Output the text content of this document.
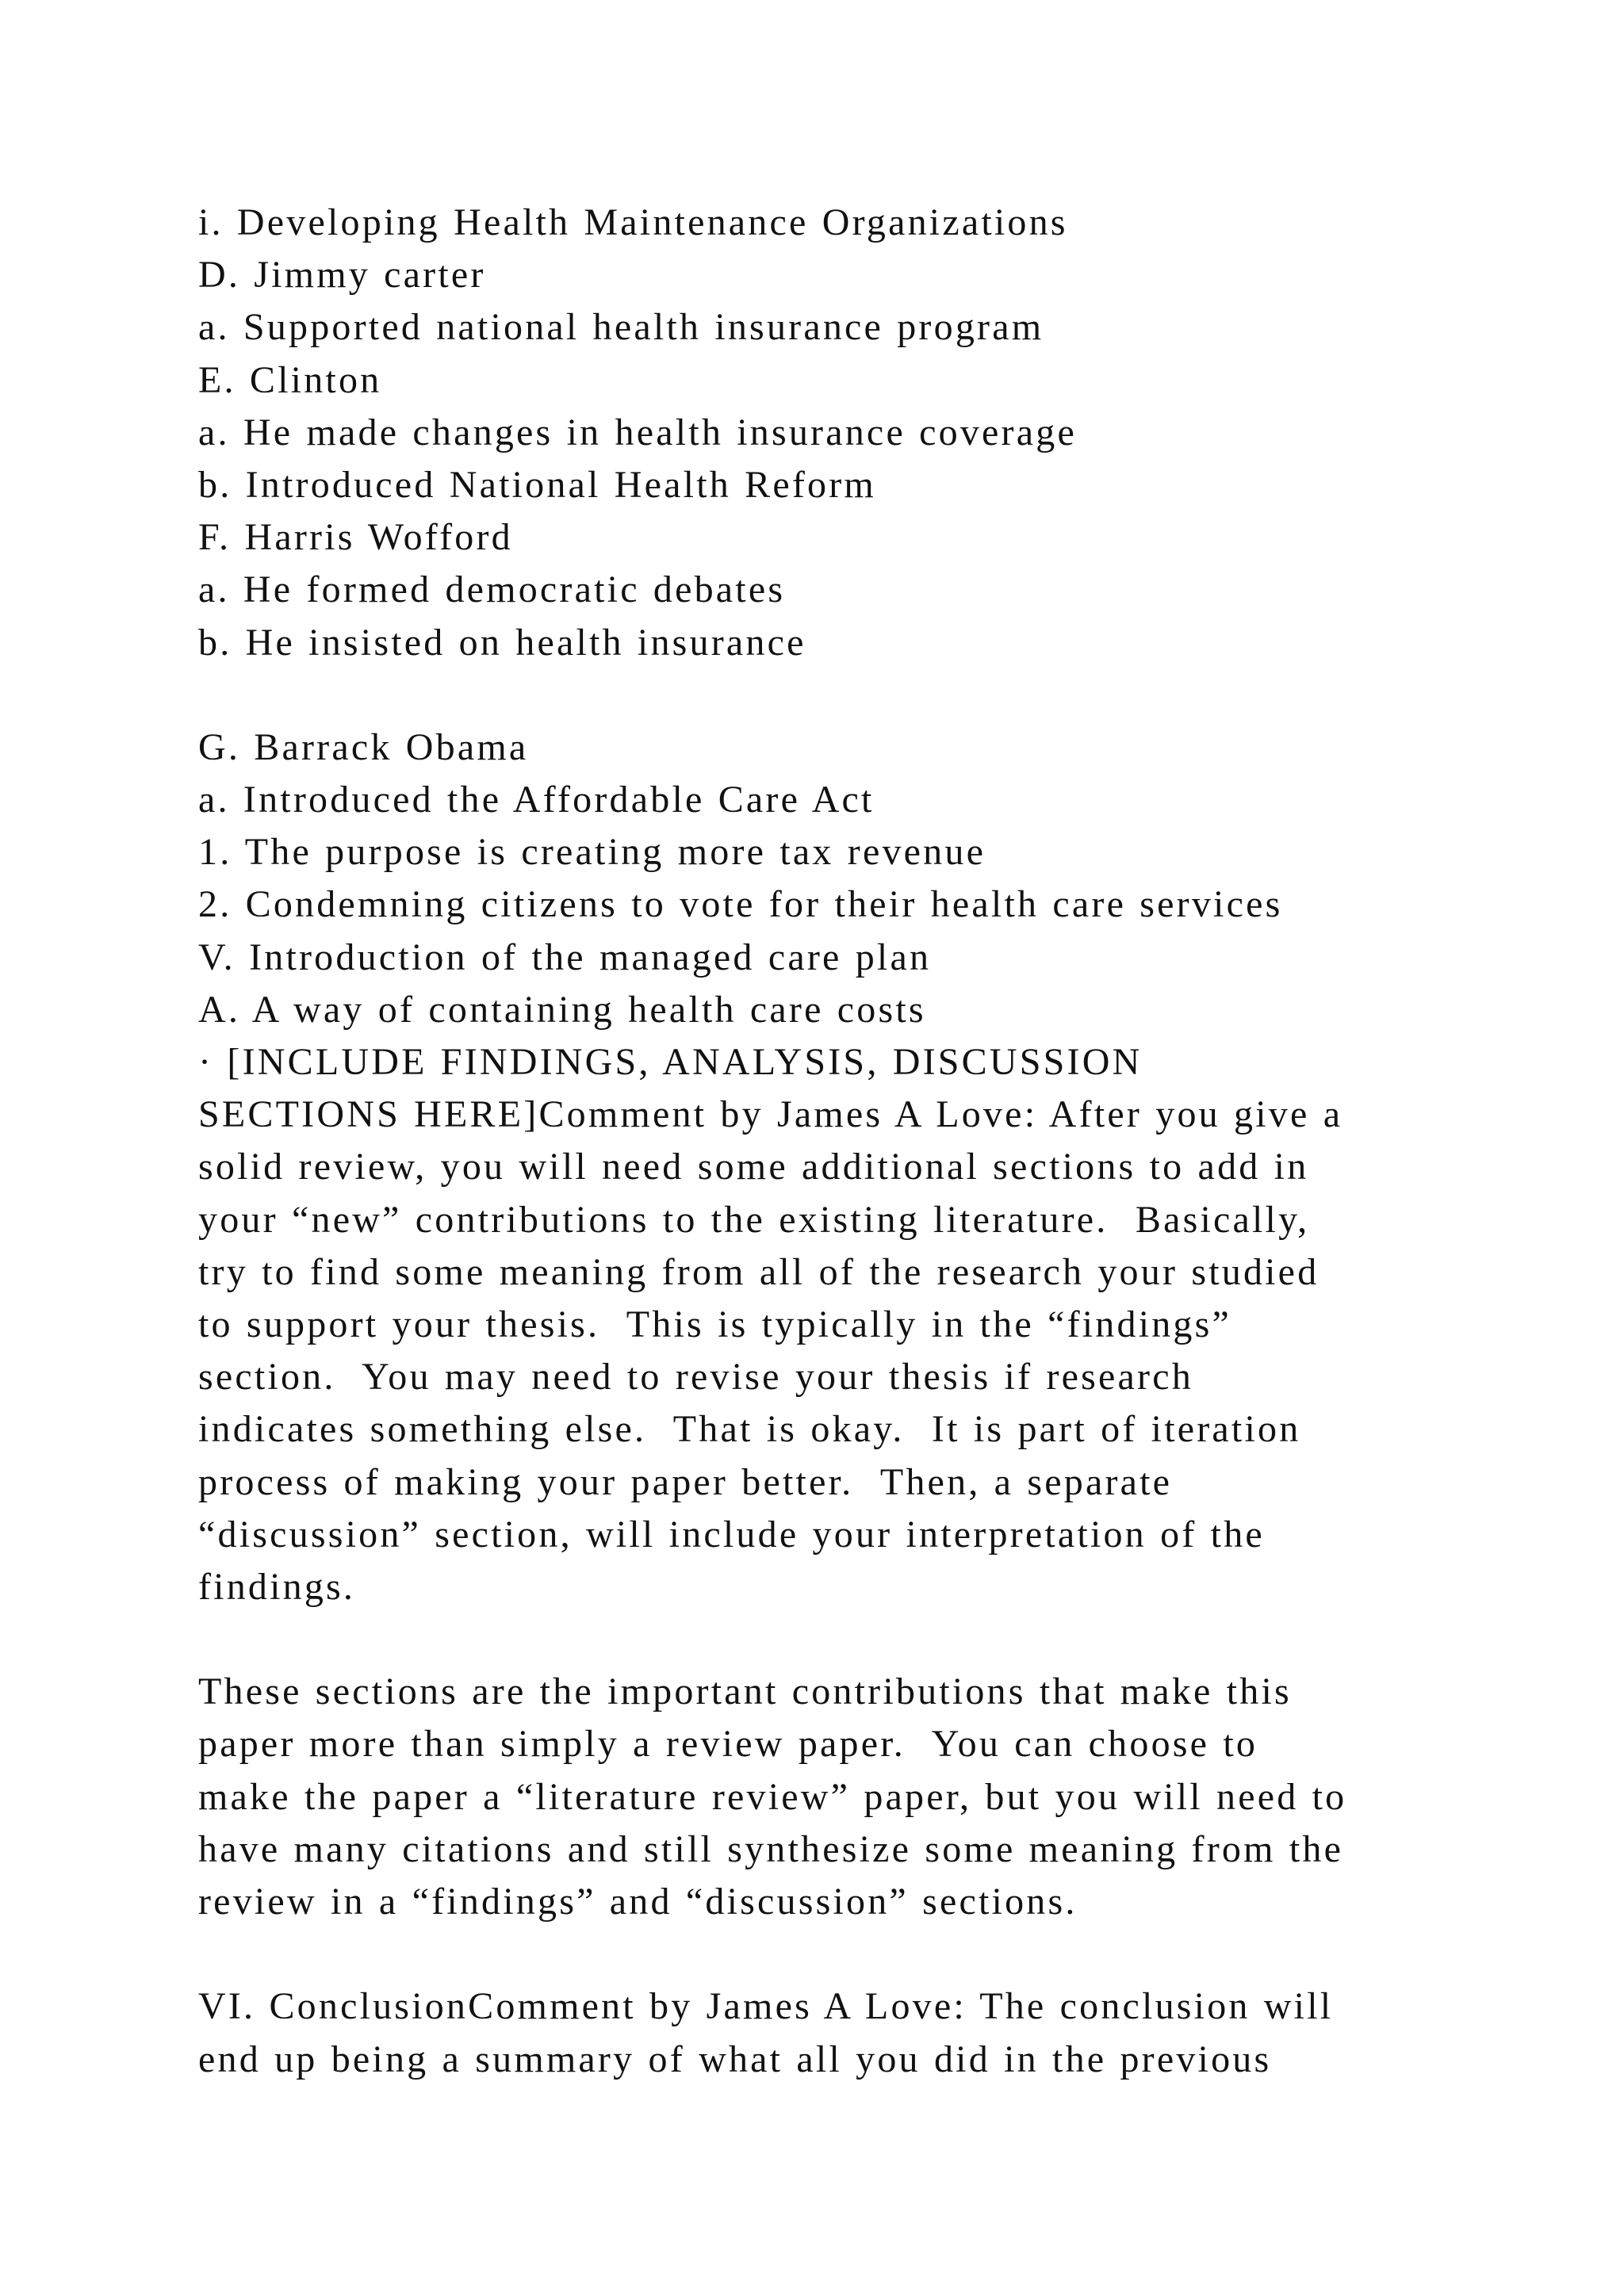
i. Developing Health Maintenance Organizations
D. Jimmy carter
a. Supported national health insurance program
E. Clinton
a. He made changes in health insurance coverage
b. Introduced National Health Reform
F. Harris Wofford
a. He formed democratic debates
b. He insisted on health insurance
G. Barrack Obama
a. Introduced the Affordable Care Act
1. The purpose is creating more tax revenue
2. Condemning citizens to vote for their health care services
V. Introduction of the managed care plan
A. A way of containing health care costs
· [INCLUDE FINDINGS, ANALYSIS, DISCUSSION
SECTIONS HERE]Comment by James A Love: After you give a
solid review, you will need some additional sections to add in
your “new” contributions to the existing literature.  Basically,
try to find some meaning from all of the research your studied
to support your thesis.  This is typically in the “findings”
section.  You may need to revise your thesis if research
indicates something else.  That is okay.  It is part of iteration
process of making your paper better.  Then, a separate
“discussion” section, will include your interpretation of the
findings.
These sections are the important contributions that make this
paper more than simply a review paper.  You can choose to
make the paper a “literature review” paper, but you will need to
have many citations and still synthesize some meaning from the
review in a “findings” and “discussion” sections.
VI. ConclusionComment by James A Love: The conclusion will
end up being a summary of what all you did in the previous
